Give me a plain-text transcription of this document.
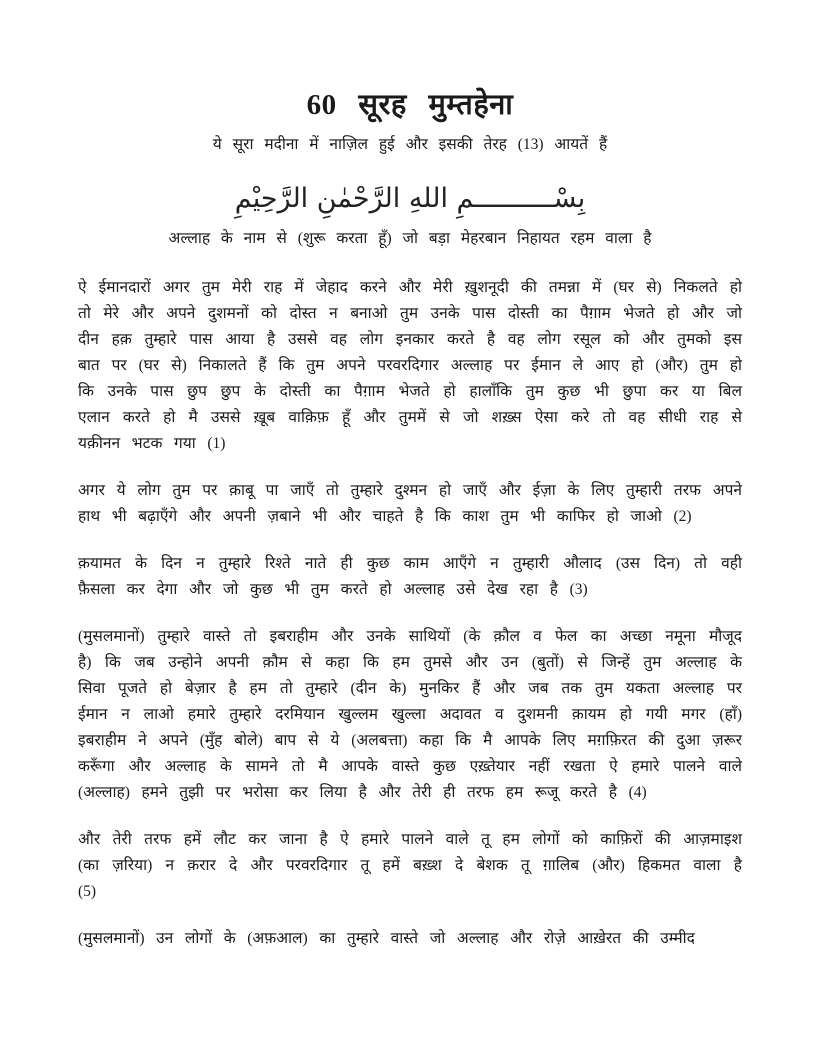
60 सूरह मुम्तहेना

ये सूरा मदीना में नाज़िल हुई और इसकी तेरह (13) आयतें हैं

بِسْــــــــــمِ اللهِ الرَّحْمٰنِ الرَّحِيْمِ

अल्लाह के नाम से (शुरू करता हूँ) जो बड़ा मेहरबान निहायत रहम वाला है

ऐ ईमानदारों अगर तुम मेरी राह में जेहाद करने और मेरी ख़ुशनूदी की तमन्ना में (घर से) निकलते हो तो मेरे और अपने दुशमनों को दोस्त न बनाओ तुम उनके पास दोस्ती का पैग़ाम भेजते हो और जो दीन हक़ तुम्हारे पास आया है उससे वह लोग इनकार करते है वह लोग रसूल को और तुमको इस बात पर (घर से) निकालते हैं कि तुम अपने परवरदिगार अल्लाह पर ईमान ले आए हो (और) तुम हो कि उनके पास छुप छुप के दोस्ती का पैग़ाम भेजते हो हालाँकि तुम कुछ भी छुपा कर या बिल एलान करते हो मै उससे ख़ूब वाक़िफ़ हूँ और तुममें से जो शख़्स ऐसा करे तो वह सीधी राह से यक़ीनन भटक गया (1)

अगर ये लोग तुम पर क़ाबू पा जाएँ तो तुम्हारे दुश्मन हो जाएँ और ईज़ा के लिए तुम्हारी तरफ अपने हाथ भी बढ़ाएँगे और अपनी ज़बाने भी और चाहते है कि काश तुम भी काफिर हो जाओ (2)

क़यामत के दिन न तुम्हारे रिश्ते नाते ही कुछ काम आएँगे न तुम्हारी औलाद (उस दिन) तो वही फ़ैसला कर देगा और जो कुछ भी तुम करते हो अल्लाह उसे देख रहा है (3)

(मुसलमानों) तुम्हारे वास्ते तो इबराहीम और उनके साथियों (के क़ौल व फेल का अच्छा नमूना मौजूद है) कि जब उन्होने अपनी क़ौम से कहा कि हम तुमसे और उन (बुतों) से जिन्हें तुम अल्लाह के सिवा पूजते हो बेज़ार है हम तो तुम्हारे (दीन के) मुनकिर हैं और जब तक तुम यकता अल्लाह पर ईमान न लाओ हमारे तुम्हारे दरमियान खुल्लम खुल्ला अदावत व दुशमनी क़ायम हो गयी मगर (हाँ) इबराहीम ने अपने (मुँह बोले) बाप से ये (अलबत्ता) कहा कि मै आपके लिए मग़फ़िरत की दुआ ज़रूर करूँगा और अल्लाह के सामने तो मै आपके वास्ते कुछ एख़्तेयार नहीं रखता ऐ हमारे पालने वाले (अल्लाह) हमने तुझी पर भरोसा कर लिया है और तेरी ही तरफ हम रूजू करते है (4)

और तेरी तरफ हमें लौट कर जाना है ऐ हमारे पालने वाले तू हम लोगों को काफ़िरों की आज़माइश (का ज़रिया) न क़रार दे और परवरदिगार तू हमें बख़्श दे बेशक तू ग़ालिब (और) हिकमत वाला है (5)

(मुसलमानों) उन लोगों के (अफ़आल) का तुम्हारे वास्ते जो अल्लाह और रोज़े आख़ेरत की उम्मीद
